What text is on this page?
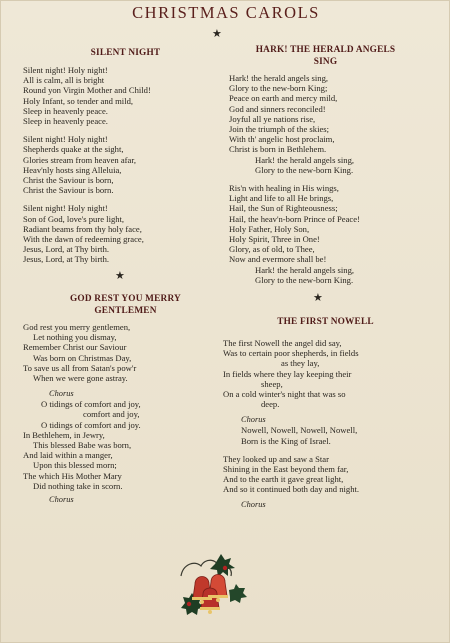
CHRISTMAS CAROLS
★
SILENT NIGHT
Silent night! Holy night!
All is calm, all is bright
Round yon Virgin Mother and Child!
Holy Infant, so tender and mild,
Sleep in heavenly peace.
Sleep in heavenly peace.
Silent night! Holy night!
Shepherds quake at the sight,
Glories stream from heaven afar,
Heav'nly hosts sing Alleluia,
Christ the Saviour is born,
Christ the Saviour is born.
Silent night! Holy night!
Son of God, love's pure light,
Radiant beams from thy holy face,
With the dawn of redeeming grace,
Jesus, Lord, at Thy birth.
Jesus, Lord, at Thy birth.
★
GOD REST YOU MERRY
GENTLEMEN
God rest you merry gentlemen,
Let nothing you dismay,
Remember Christ our Saviour
Was born on Christmas Day,
To save us all from Satan's pow'r
When we were gone astray.
Chorus
O tidings of comfort and joy,
comfort and joy,
O tidings of comfort and joy.
In Bethlehem, in Jewry,
This blessed Babe was born,
And laid within a manger,
Upon this blessed morn;
The which His Mother Mary
Did nothing take in scorn.
Chorus
HARK! THE HERALD ANGELS
SING
Hark! the herald angels sing,
Glory to the new-born King;
Peace on earth and mercy mild,
God and sinners reconciled!
Joyful all ye nations rise,
Join the triumph of the skies;
With th' angelic host proclaim,
Christ is born in Bethlehem.
Hark! the herald angels sing,
Glory to the new-born King.
Ris'n with healing in His wings,
Light and life to all He brings,
Hail, the Sun of Righteousness;
Hail, the heav'n-born Prince of Peace!
Holy Father, Holy Son,
Holy Spirit, Three in One!
Glory, as of old, to Thee,
Now and evermore shall be!
Hark! the herald angels sing,
Glory to the new-born King.
★
THE FIRST NOWELL
The first Nowell the angel did say,
Was to certain poor shepherds, in fields
as they lay,
In fields where they lay keeping their
sheep,
On a cold winter's night that was so
deep.
Chorus
Nowell, Nowell, Nowell, Nowell,
Born is the King of Israel.
They looked up and saw a Star
Shining in the East beyond them far,
And to the earth it gave great light,
And so it continued both day and night.
Chorus
